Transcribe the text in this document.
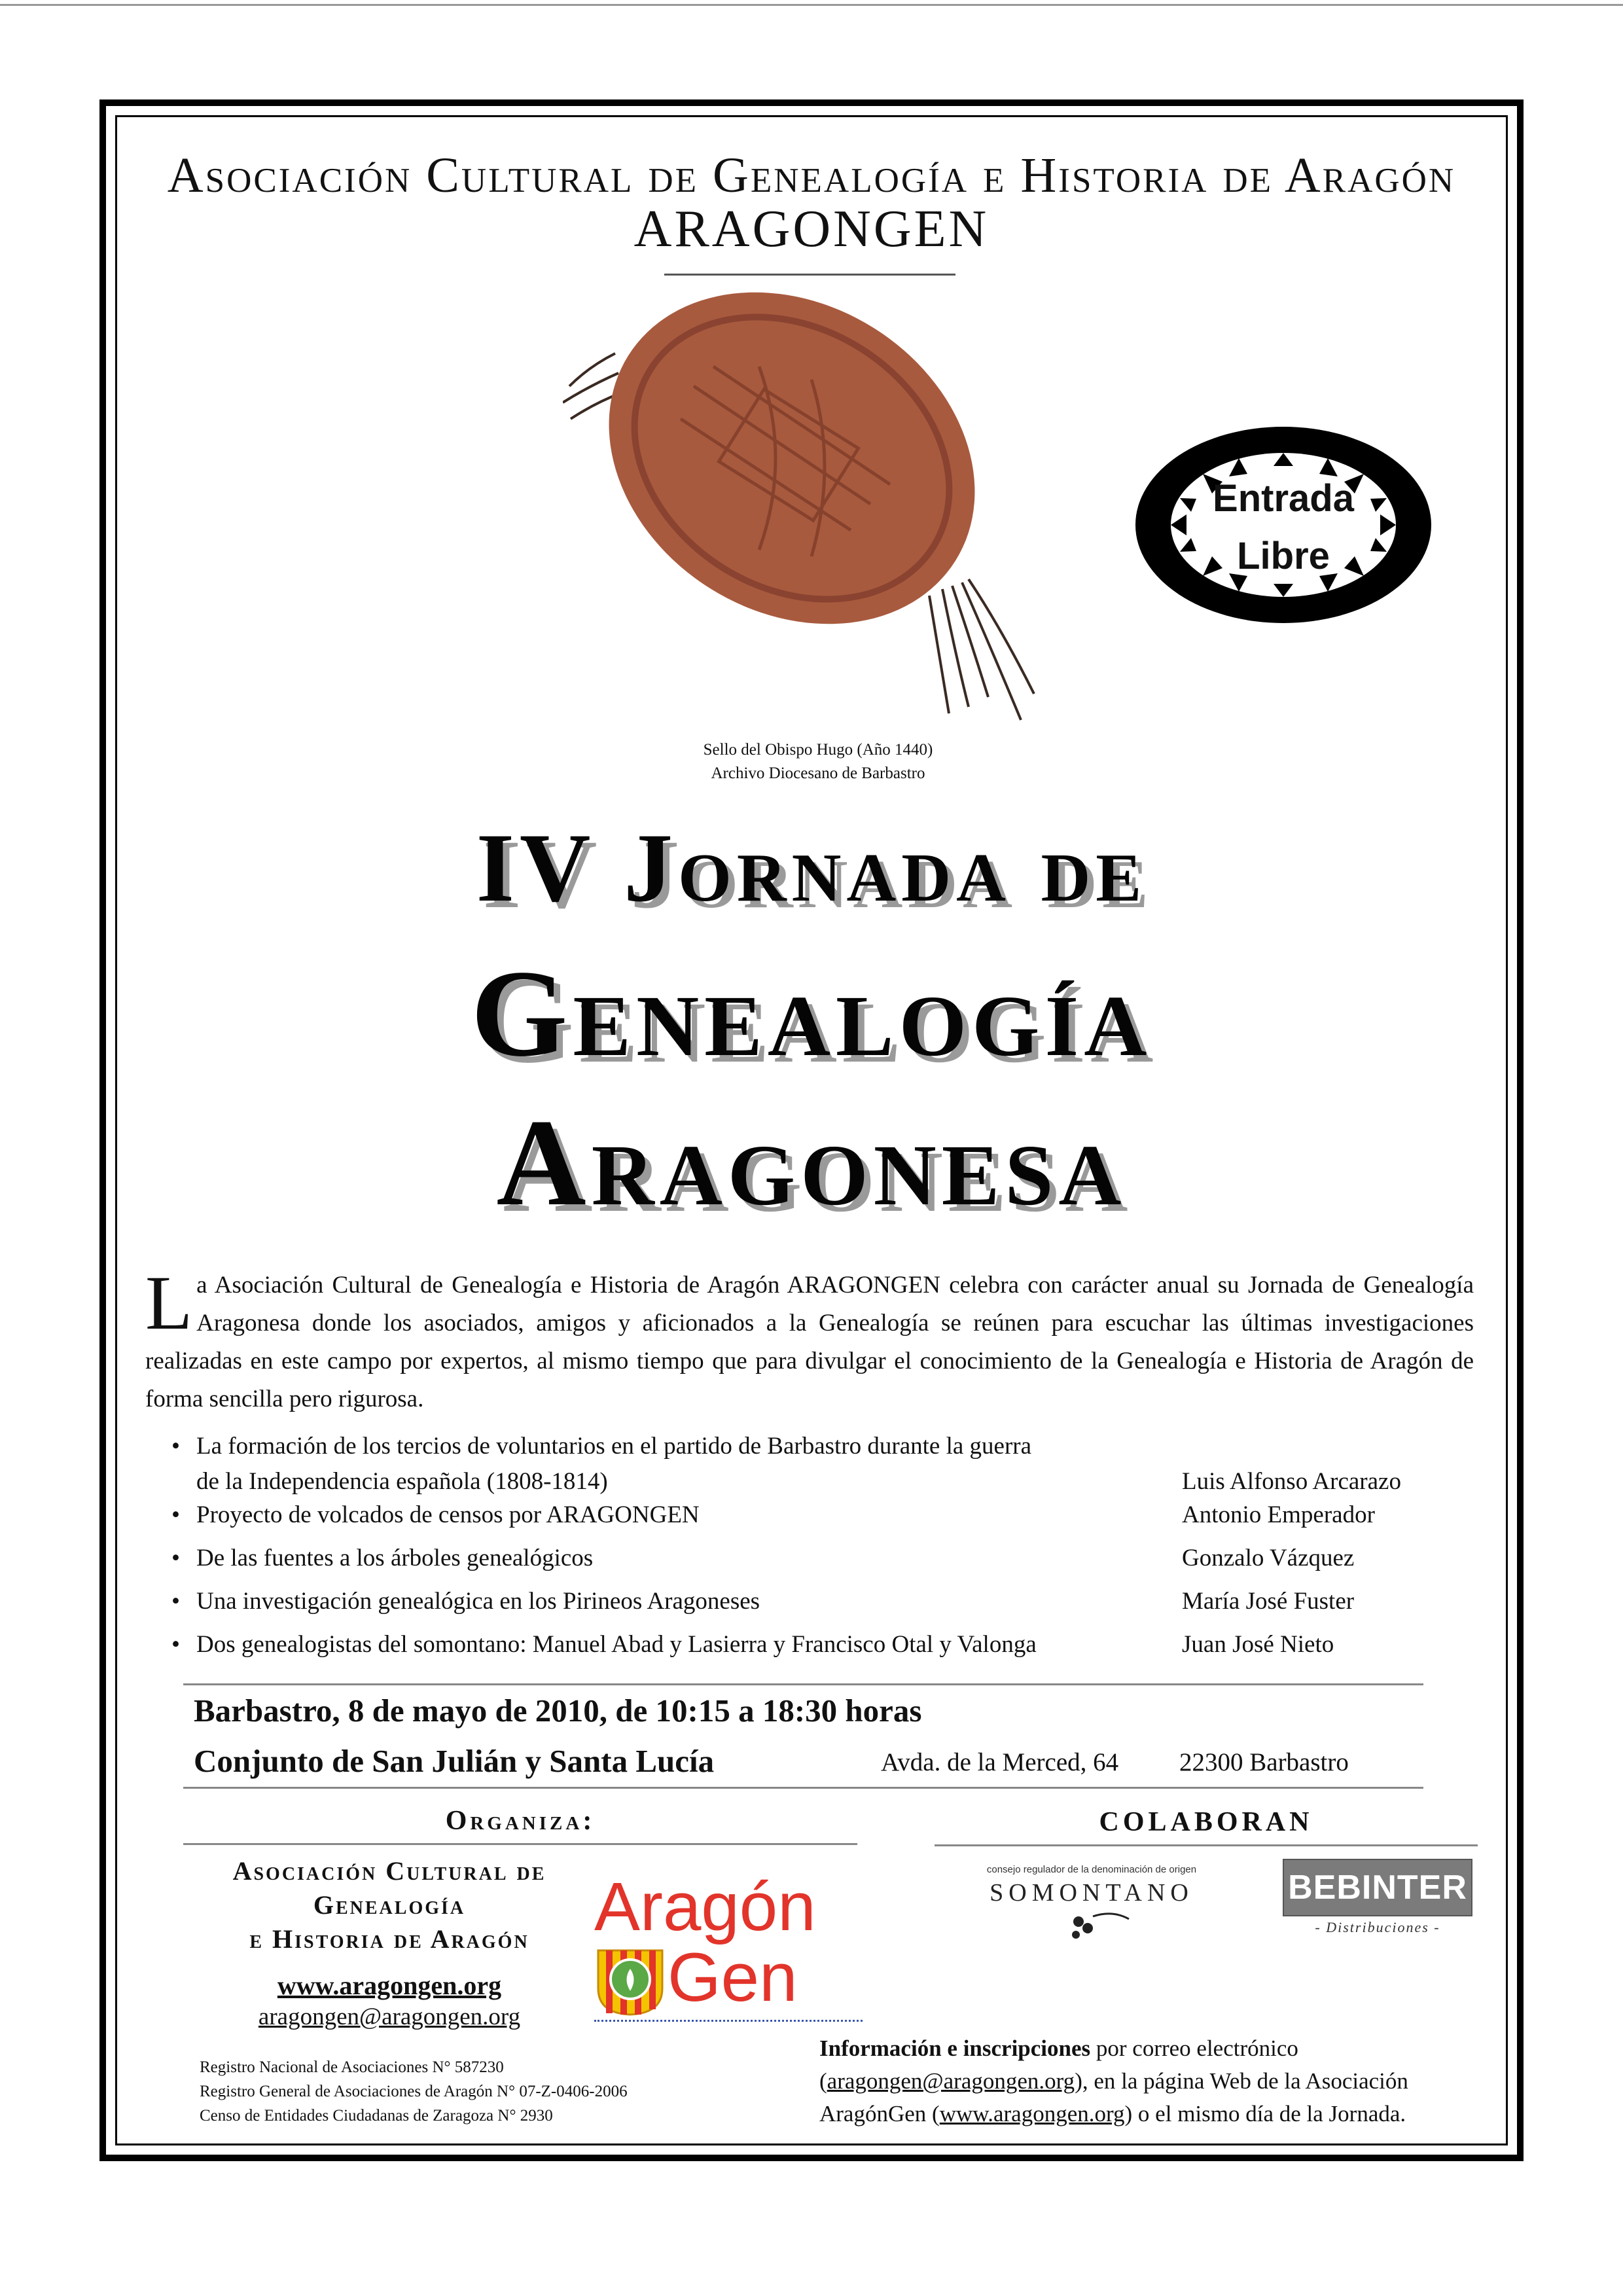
Asociación Cultural de Genealogía e Historia de Aragón
ARAGONGEN
Sello del Obispo Hugo (Año 1440)
Archivo Diocesano de Barbastro
Entrada
Libre
IV Jornada de
Genealogía
Aragonesa
La Asociación Cultural de Genealogía e Historia de Aragón ARAGONGEN celebra con carácter anual su Jornada de Genealogía Aragonesa donde los asociados, amigos y aficionados a la Genealogía se reúnen para escuchar las últimas investigaciones realizadas en este campo por expertos, al mismo tiempo que para divulgar el conocimiento de la Genealogía e Historia de Aragón de forma sencilla pero rigurosa.
• La formación de los tercios de voluntarios en el partido de Barbastro durante la guerra
de la Independencia española (1808-1814)	Luis Alfonso Arcarazo
• Proyecto de volcados de censos por ARAGONGEN	Antonio Emperador
• De las fuentes a los árboles genealógicos	Gonzalo Vázquez
• Una investigación genealógica en los Pirineos Aragoneses	María José Fuster
• Dos genealogistas del somontano: Manuel Abad y Lasierra y Francisco Otal y Valonga	Juan José Nieto
Barbastro, 8 de mayo de 2010, de 10:15 a 18:30 horas
Conjunto de San Julián y Santa Lucía	Avda. de la Merced, 64	22300 Barbastro
Organiza:
Asociación Cultural de
Genealogía
e Historia de Aragón
www.aragongen.org
aragongen@aragongen.org
Aragón
Gen
COLABORAN
consejo regulador de la denominación de origen
SOMONTANO	BEBINTER
- Distribuciones -
Registro Nacional de Asociaciones N° 587230
Registro General de Asociaciones de Aragón N° 07-Z-0406-2006
Censo de Entidades Ciudadanas de Zaragoza N° 2930
Información e inscripciones por correo electrónico
(aragongen@aragongen.org), en la página Web de la Asociación
AragónGen (www.aragongen.org) o el mismo día de la Jornada.
